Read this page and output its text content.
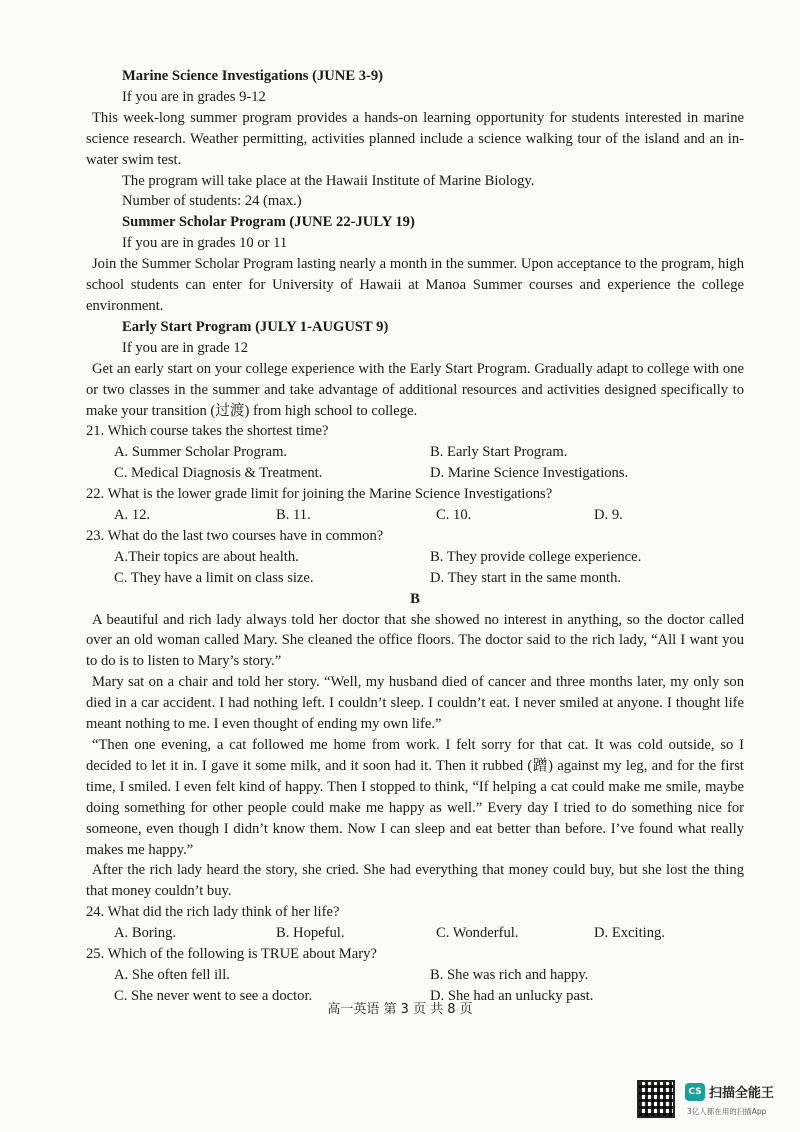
Marine Science Investigations (JUNE 3-9)

If you are in grades 9-12

This week-long summer program provides a hands-on learning opportunity for students interested in marine science research. Weather permitting, activities planned include a science walking tour of the island and an in-water swim test.

The program will take place at the Hawaii Institute of Marine Biology.

Number of students: 24 (max.)

Summer Scholar Program (JUNE 22-JULY 19)

If you are in grades 10 or 11

Join the Summer Scholar Program lasting nearly a month in the summer. Upon acceptance to the program, high school students can enter for University of Hawaii at Manoa Summer courses and experience the college environment.

Early Start Program (JULY 1-AUGUST 9)

If you are in grade 12

Get an early start on your college experience with the Early Start Program. Gradually adapt to college with one or two classes in the summer and take advantage of additional resources and activities designed specifically to make your transition (过渡) from high school to college.

21. Which course takes the shortest time?

A. Summer Scholar Program.	B. Early Start Program.
C. Medical Diagnosis & Treatment.	D. Marine Science Investigations.

22. What is the lower grade limit for joining the Marine Science Investigations?

A. 12.	B. 11.	C. 10.	D. 9.

23. What do the last two courses have in common?

A.Their topics are about health.	B. They provide college experience.
C. They have a limit on class size.	D. They start in the same month.

B

A beautiful and rich lady always told her doctor that she showed no interest in anything, so the doctor called over an old woman called Mary. She cleaned the office floors. The doctor said to the rich lady, “All I want you to do is to listen to Mary’s story.”

Mary sat on a chair and told her story. “Well, my husband died of cancer and three months later, my only son died in a car accident. I had nothing left. I couldn’t sleep. I couldn’t eat. I never smiled at anyone. I thought life meant nothing to me. I even thought of ending my own life.”

“Then one evening, a cat followed me home from work. I felt sorry for that cat. It was cold outside, so I decided to let it in. I gave it some milk, and it soon had it. Then it rubbed (蹭) against my leg, and for the first time, I smiled. I even felt kind of happy. Then I stopped to think, “If helping a cat could make me smile, maybe doing something for other people could make me happy as well.” Every day I tried to do something nice for someone, even though I didn’t know them. Now I can sleep and eat better than before. I’ve found what really makes me happy.”

After the rich lady heard the story, she cried. She had everything that money could buy, but she lost the thing that money couldn’t buy.

24. What did the rich lady think of her life?

A. Boring.	B. Hopeful.	C. Wonderful.	D. Exciting.

25. Which of the following is TRUE about Mary?

A. She often fell ill.	B. She was rich and happy.
C. She never went to see a doctor.	D. She had an unlucky past.
高一英语 第 3 页 共 8 页
CS 扫描全能王
3亿人都在用的扫描App
